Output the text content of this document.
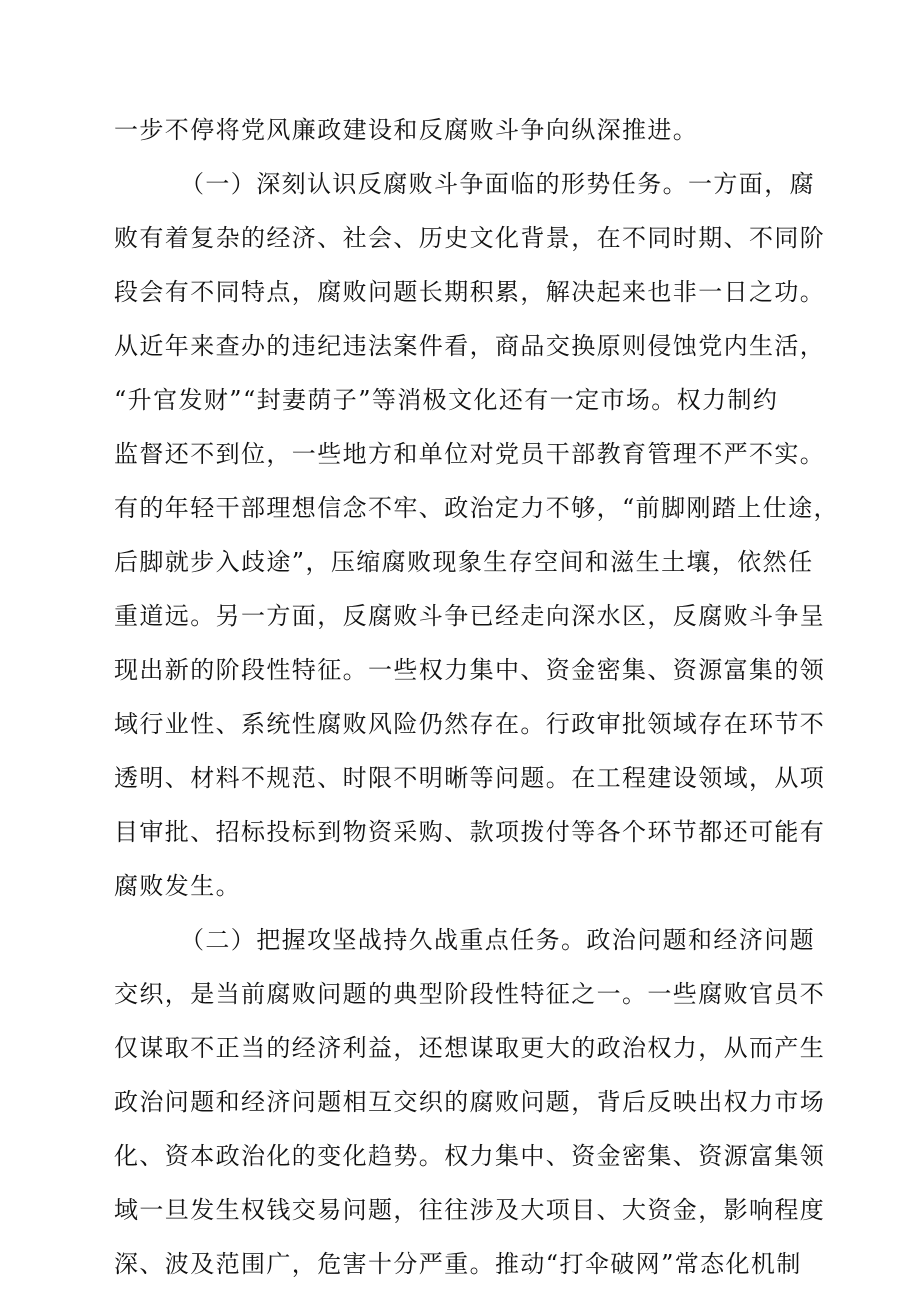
一步不停将党风廉政建设和反腐败斗争向纵深推进。
（一）深刻认识反腐败斗争面临的形势任务。一方面，腐
败有着复杂的经济、社会、历史文化背景，在不同时期、不同阶
段会有不同特点，腐败问题长期积累，解决起来也非一日之功。
从近年来查办的违纪违法案件看，商品交换原则侵蚀党内生活，
“升官发财”“封妻荫子”等消极文化还有一定市场。权力制约
监督还不到位，一些地方和单位对党员干部教育管理不严不实。
有的年轻干部理想信念不牢、政治定力不够，“前脚刚踏上仕途，
后脚就步入歧途”，压缩腐败现象生存空间和滋生土壤，依然任
重道远。另一方面，反腐败斗争已经走向深水区，反腐败斗争呈
现出新的阶段性特征。一些权力集中、资金密集、资源富集的领
域行业性、系统性腐败风险仍然存在。行政审批领域存在环节不
透明、材料不规范、时限不明晰等问题。在工程建设领域，从项
目审批、招标投标到物资采购、款项拨付等各个环节都还可能有
腐败发生。
（二）把握攻坚战持久战重点任务。政治问题和经济问题
交织，是当前腐败问题的典型阶段性特征之一。一些腐败官员不
仅谋取不正当的经济利益，还想谋取更大的政治权力，从而产生
政治问题和经济问题相互交织的腐败问题，背后反映出权力市场
化、资本政治化的变化趋势。权力集中、资金密集、资源富集领
域一旦发生权钱交易问题，往往涉及大项目、大资金，影响程度
深、波及范围广，危害十分严重。推动“打伞破网”常态化机制
